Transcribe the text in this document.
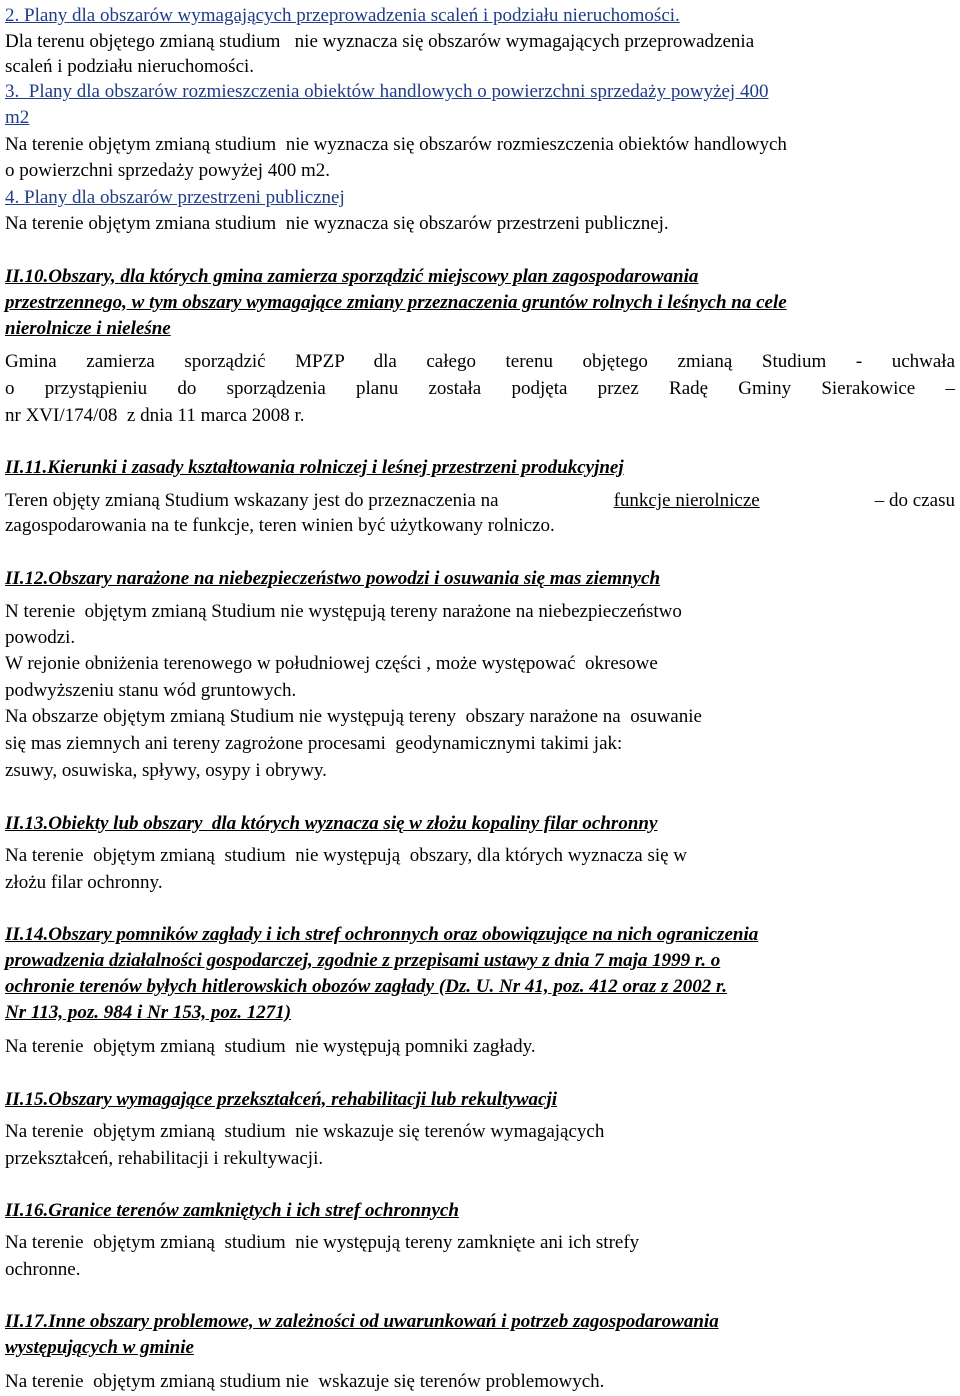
2. Plany dla obszarów wymagających przeprowadzenia scaleń i podziału nieruchomości.
Dla terenu objętego zmianą studium   nie wyznacza się obszarów wymagających przeprowadzenia
scaleń i podziału nieruchomości.
3.  Plany dla obszarów rozmieszczenia obiektów handlowych o powierzchni sprzedaży powyżej 400
m2
Na terenie objętym zmianą studium  nie wyznacza się obszarów rozmieszczenia obiektów handlowych
o powierzchni sprzedaży powyżej 400 m2.
4. Plany dla obszarów przestrzeni publicznej
Na terenie objętym zmiana studium  nie wyznacza się obszarów przestrzeni publicznej.
II.10.Obszary, dla których gmina zamierza sporządzić miejscowy plan zagospodarowania
przestrzennego, w tym obszary wymagające zmiany przeznaczenia gruntów rolnych i leśnych na cele
nierolnicze i nieleśne
Gmina zamierza sporządzić MPZP dla całego terenu objętego zmianą Studium - uchwała
o przystąpieniu do sporządzenia planu została podjęta przez Radę Gminy Sierakowice –
nr XVI/174/08  z dnia 11 marca 2008 r.
II.11.Kierunki i zasady kształtowania rolniczej i leśnej przestrzeni produkcyjnej
Teren objęty zmianą Studium wskazany jest do przeznaczenia na	funkcje nierolnicze	– do czasu
zagospodarowania na te funkcje, teren winien być użytkowany rolniczo.
II.12.Obszary narażone na niebezpieczeństwo powodzi i osuwania się mas ziemnych
N terenie  objętym zmianą Studium nie występują tereny narażone na niebezpieczeństwo
powodzi.
W rejonie obniżenia terenowego w południowej części , może występować  okresowe
podwyższeniu stanu wód gruntowych.
Na obszarze objętym zmianą Studium nie występują tereny  obszary narażone na  osuwanie
się mas ziemnych ani tereny zagrożone procesami  geodynamicznymi takimi jak:
zsuwy, osuwiska, spływy, osypy i obrywy.
II.13.Obiekty lub obszary  dla których wyznacza się w złożu kopaliny filar ochronny
Na terenie  objętym zmianą  studium  nie występują  obszary, dla których wyznacza się w
złożu filar ochronny.
II.14.Obszary pomników zagłady i ich stref ochronnych oraz obowiązujące na nich ograniczenia
prowadzenia działalności gospodarczej, zgodnie z przepisami ustawy z dnia 7 maja 1999 r. o
ochronie terenów byłych hitlerowskich obozów zagłady (Dz. U. Nr 41, poz. 412 oraz z 2002 r.
Nr 113, poz. 984 i Nr 153, poz. 1271)
Na terenie  objętym zmianą  studium  nie występują pomniki zagłady.
II.15.Obszary wymagające przekształceń, rehabilitacji lub rekultywacji
Na terenie  objętym zmianą  studium  nie wskazuje się terenów wymagających
przekształceń, rehabilitacji i rekultywacji.
II.16.Granice terenów zamkniętych i ich stref ochronnych
Na terenie  objętym zmianą  studium  nie występują tereny zamknięte ani ich strefy
ochronne.
II.17.Inne obszary problemowe, w zależności od uwarunkowań i potrzeb zagospodarowania
występujących w gminie
Na terenie  objętym zmianą studium nie  wskazuje się terenów problemowych.
